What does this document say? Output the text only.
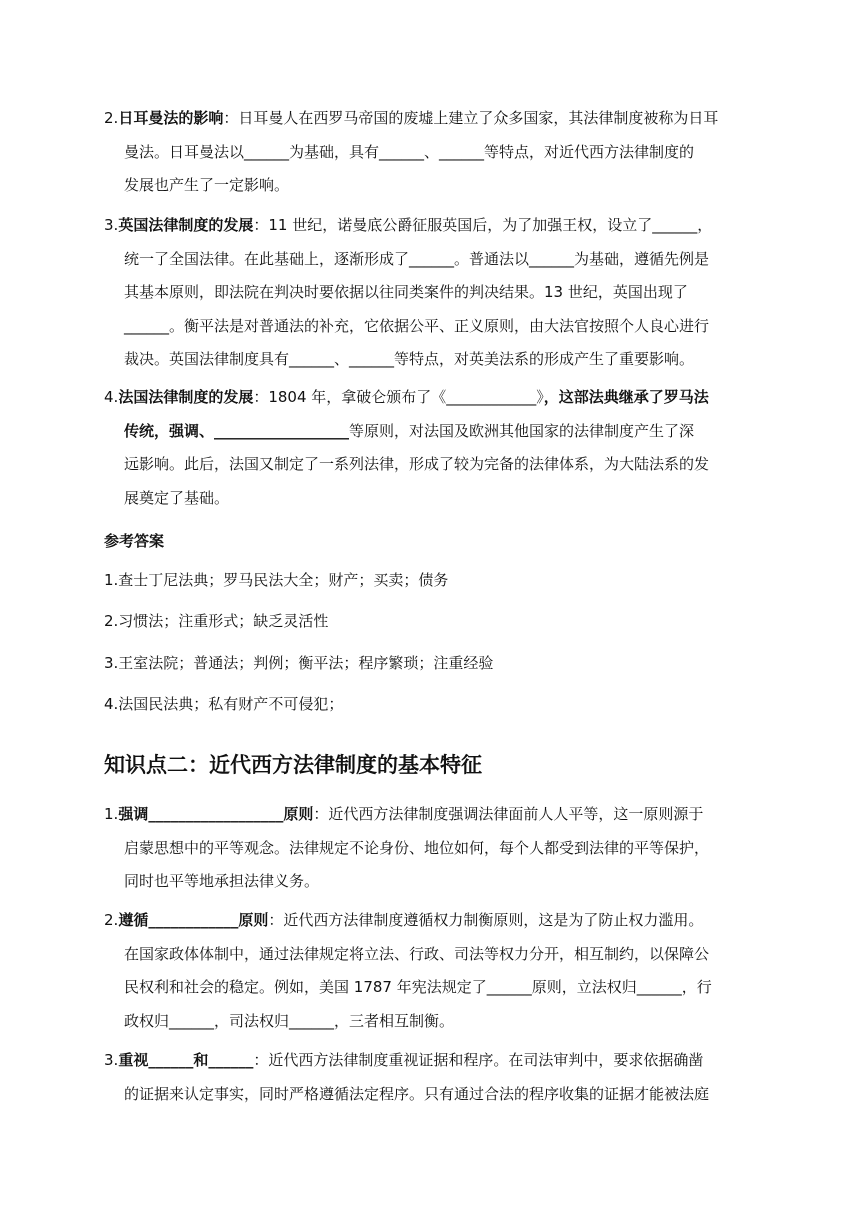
2.日耳曼法的影响：日耳曼人在西罗马帝国的废墟上建立了众多国家，其法律制度被称为日耳

曼法。日耳曼法以______为基础，具有______、______等特点，对近代西方法律制度的

发展也产生了一定影响。

3.英国法律制度的发展：11 世纪，诺曼底公爵征服英国后，为了加强王权，设立了______，

统一了全国法律。在此基础上，逐渐形成了______。普通法以______为基础，遵循先例是

其基本原则，即法院在判决时要依据以往同类案件的判决结果。13 世纪，英国出现了

______。衡平法是对普通法的补充，它依据公平、正义原则，由大法官按照个人良心进行

裁决。英国法律制度具有______、______等特点，对英美法系的形成产生了重要影响。

4.法国法律制度的发展：1804 年，拿破仑颁布了《____________》，这部法典继承了罗马法

传统，强调、__________________等原则，对法国及欧洲其他国家的法律制度产生了深

远影响。此后，法国又制定了一系列法律，形成了较为完备的法律体系，为大陆法系的发

展奠定了基础。

参考答案
1.查士丁尼法典；罗马民法大全；财产；买卖；债务
2.习惯法；注重形式；缺乏灵活性
3.王室法院；普通法；判例；衡平法；程序繁琐；注重经验
4.法国民法典；私有财产不可侵犯；
知识点二：近代西方法律制度的基本特征

1.强调__________________原则：近代西方法律制度强调法律面前人人平等，这一原则源于

启蒙思想中的平等观念。法律规定不论身份、地位如何，每个人都受到法律的平等保护，

同时也平等地承担法律义务。

2.遵循____________原则：近代西方法律制度遵循权力制衡原则，这是为了防止权力滥用。

在国家政体体制中，通过法律规定将立法、行政、司法等权力分开，相互制约，以保障公

民权利和社会的稳定。例如，美国 1787 年宪法规定了______原则，立法权归______，行

政权归______，司法权归______，三者相互制衡。

3.重视______和______：近代西方法律制度重视证据和程序。在司法审判中，要求依据确凿

的证据来认定事实，同时严格遵循法定程序。只有通过合法的程序收集的证据才能被法庭
